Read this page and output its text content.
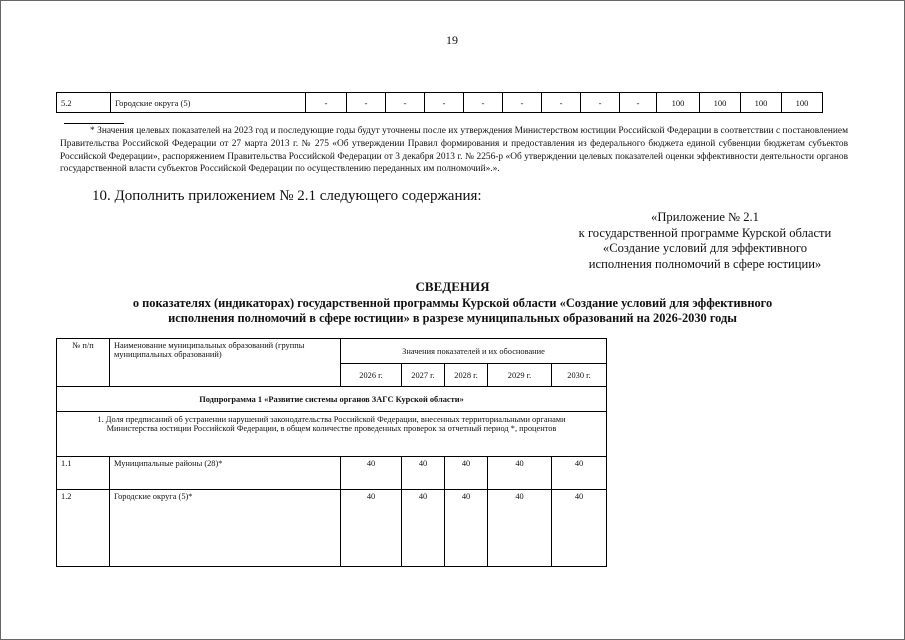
19
5.2	Городские округа (5)	-	-	-	-	-	-	-	-	-	100	100	100	100
* Значения целевых показателей на 2023 год и последующие годы будут уточнены после их утверждения Министерством юстиции Российской Федерации в соответствии с постановлением Правительства Российской Федерации от 27 марта 2013 г. № 275 «Об утверждении Правил формирования и предоставления из федерального бюджета единой субвенции бюджетам субъектов Российской Федерации», распоряжением Правительства Российской Федерации от 3 декабря 2013 г. № 2256-р «Об утверждении целевых показателей оценки эффективности деятельности органов государственной власти субъектов Российской Федерации по осуществлению переданных им полномочий».».
10. Дополнить приложением № 2.1 следующего содержания:
«Приложение № 2.1
к государственной программе Курской области
«Создание условий для эффективного
исполнения полномочий в сфере юстиции»
СВЕДЕНИЯ
о показателях (индикаторах) государственной программы Курской области «Создание условий для эффективного
исполнения полномочий в сфере юстиции» в разрезе муниципальных образований на 2026-2030 годы
№ п/п	Наименование муниципальных образований (группы муниципальных образований)	Значения показателей и их обоснование				
		2026 г.	2027 г.	2028 г.	2029 г.	2030 г.
Подпрограмма 1 «Развитие системы органов ЗАГС Курской области»						
1. Доля предписаний об устранении нарушений законодательства Российской Федерации, внесенных территориальными органами Министерства юстиции Российской Федерации, в общем количестве проведенных проверок за отчетный период *, процентов						
1.1	Муниципальные районы (28)*	40	40	40	40	40
1.2	Городские округа (5)*	40	40	40	40	40
